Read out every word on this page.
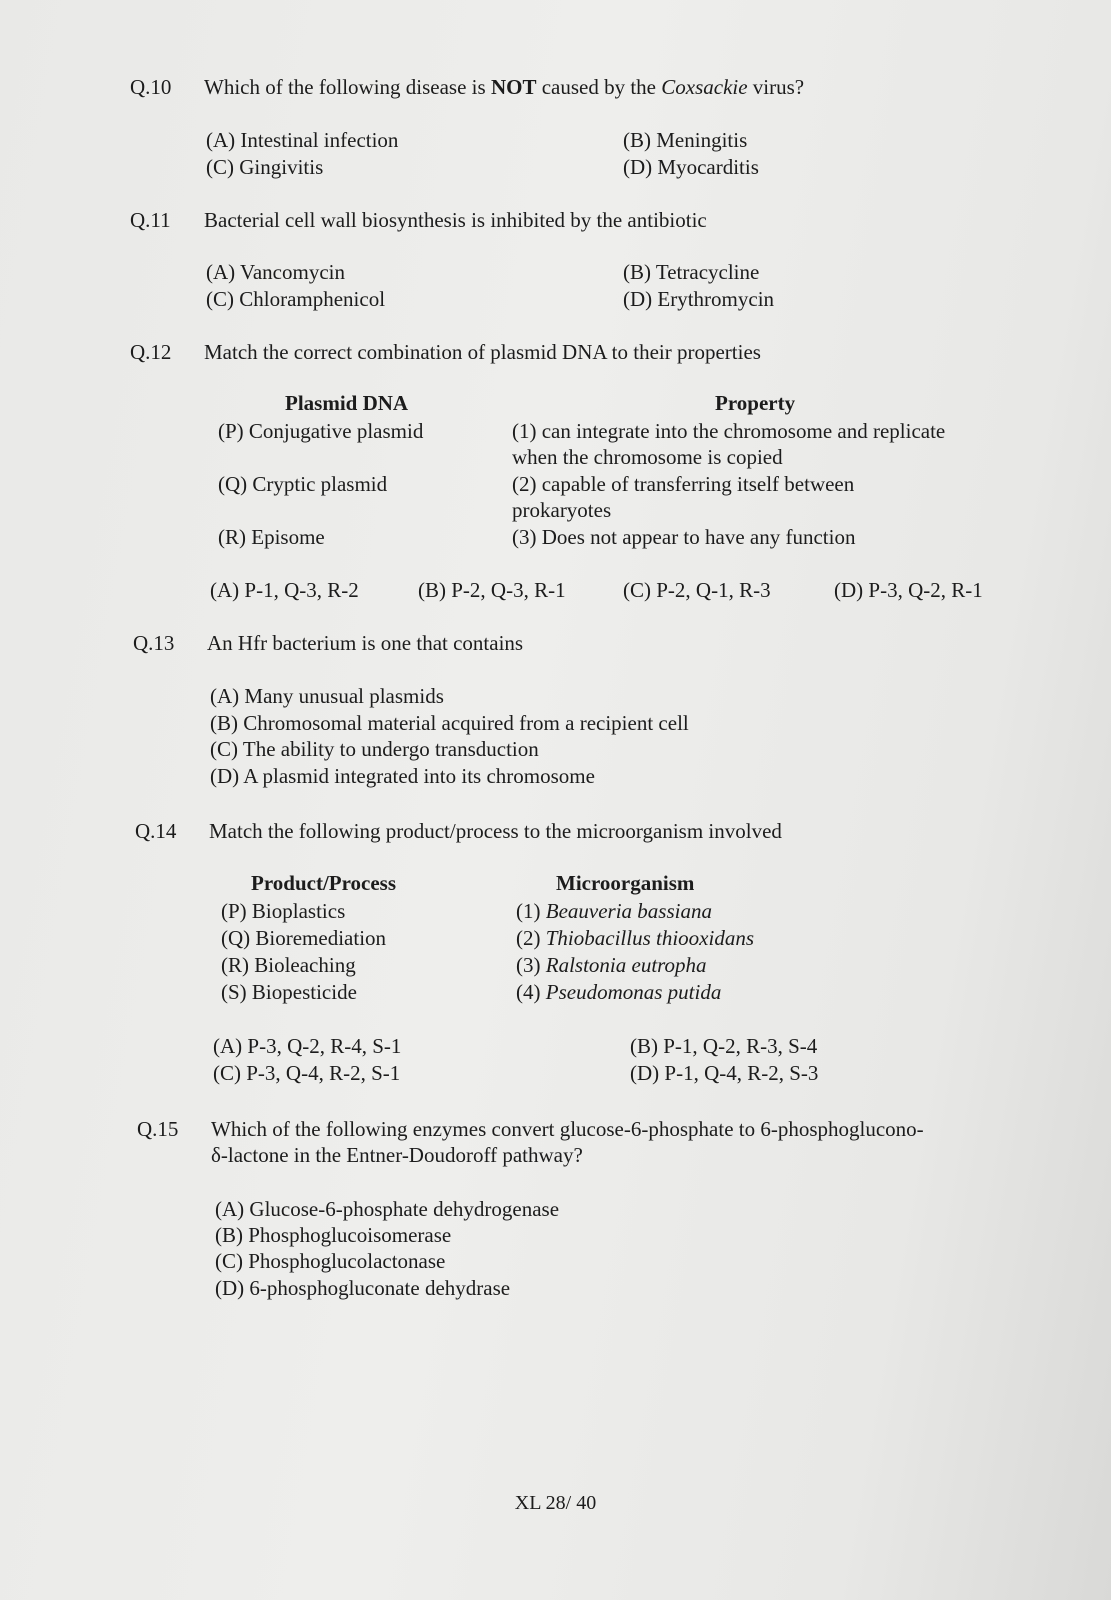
Q.10	Which of the following disease is NOT caused by the Coxsackie virus?
(A) Intestinal infection	(B) Meningitis
(C) Gingivitis	(D) Myocarditis
Q.11	Bacterial cell wall biosynthesis is inhibited by the antibiotic
(A) Vancomycin	(B) Tetracycline
(C) Chloramphenicol	(D) Erythromycin
Q.12	Match the correct combination of plasmid DNA to their properties
Plasmid DNA	Property
(P) Conjugative plasmid	(1) can integrate into the chromosome and replicate
when the chromosome is copied
(Q) Cryptic plasmid	(2) capable of transferring itself between
prokaryotes
(R) Episome	(3) Does not appear to have any function
(A) P-1, Q-3, R-2	(B) P-2, Q-3, R-1	(C) P-2, Q-1, R-3	(D) P-3, Q-2, R-1
Q.13	An Hfr bacterium is one that contains
(A) Many unusual plasmids
(B) Chromosomal material acquired from a recipient cell
(C) The ability to undergo transduction
(D) A plasmid integrated into its chromosome
Q.14	Match the following product/process to the microorganism involved
Product/Process	Microorganism
(P) Bioplastics	(1) Beauveria bassiana
(Q) Bioremediation	(2) Thiobacillus thiooxidans
(R) Bioleaching	(3) Ralstonia eutropha
(S) Biopesticide	(4) Pseudomonas putida
(A) P-3, Q-2, R-4, S-1	(B) P-1, Q-2, R-3, S-4
(C) P-3, Q-4, R-2, S-1	(D) P-1, Q-4, R-2, S-3
Q.15	Which of the following enzymes convert glucose-6-phosphate to 6-phosphoglucono-
δ-lactone in the Entner-Doudoroff pathway?
(A) Glucose-6-phosphate dehydrogenase
(B) Phosphoglucoisomerase
(C) Phosphoglucolactonase
(D) 6-phosphogluconate dehydrase
XL 28/ 40
